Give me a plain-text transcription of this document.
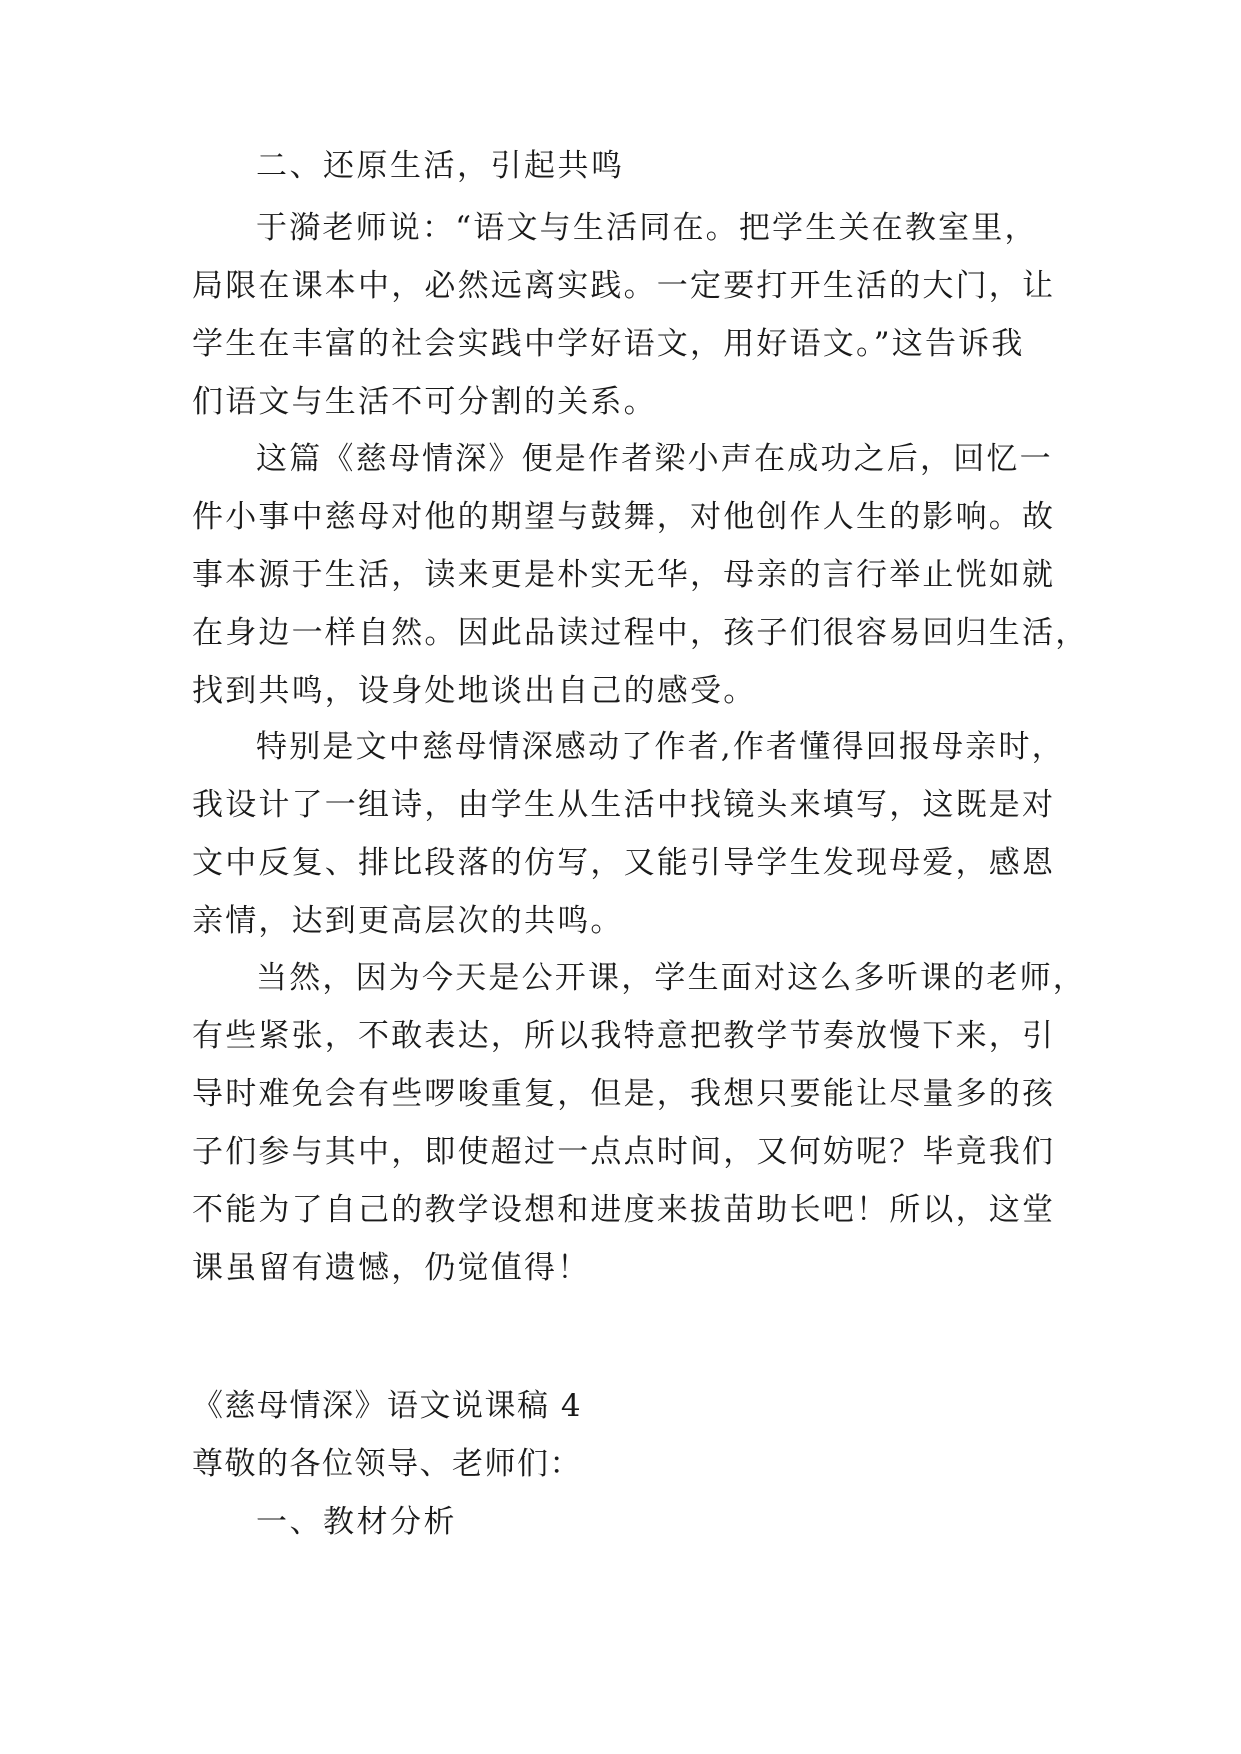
二、还原生活，引起共鸣
于漪老师说：“语文与生活同在。把学生关在教室里，
局限在课本中，必然远离实践。一定要打开生活的大门，让
学生在丰富的社会实践中学好语文，用好语文。”这告诉我
们语文与生活不可分割的关系。
这篇《慈母情深》便是作者梁小声在成功之后，回忆一
件小事中慈母对他的期望与鼓舞，对他创作人生的影响。故
事本源于生活，读来更是朴实无华，母亲的言行举止恍如就
在身边一样自然。因此品读过程中，孩子们很容易回归生活，
找到共鸣，设身处地谈出自己的感受。
特别是文中慈母情深感动了作者,作者懂得回报母亲时，
我设计了一组诗，由学生从生活中找镜头来填写，这既是对
文中反复、排比段落的仿写，又能引导学生发现母爱，感恩
亲情，达到更高层次的共鸣。
当然，因为今天是公开课，学生面对这么多听课的老师，
有些紧张，不敢表达，所以我特意把教学节奏放慢下来，引
导时难免会有些啰唆重复，但是，我想只要能让尽量多的孩
子们参与其中，即使超过一点点时间，又何妨呢？毕竟我们
不能为了自己的教学设想和进度来拔苗助长吧！所以，这堂
课虽留有遗憾，仍觉值得！
《慈母情深》语文说课稿 4
尊敬的各位领导、老师们：
一、教材分析
